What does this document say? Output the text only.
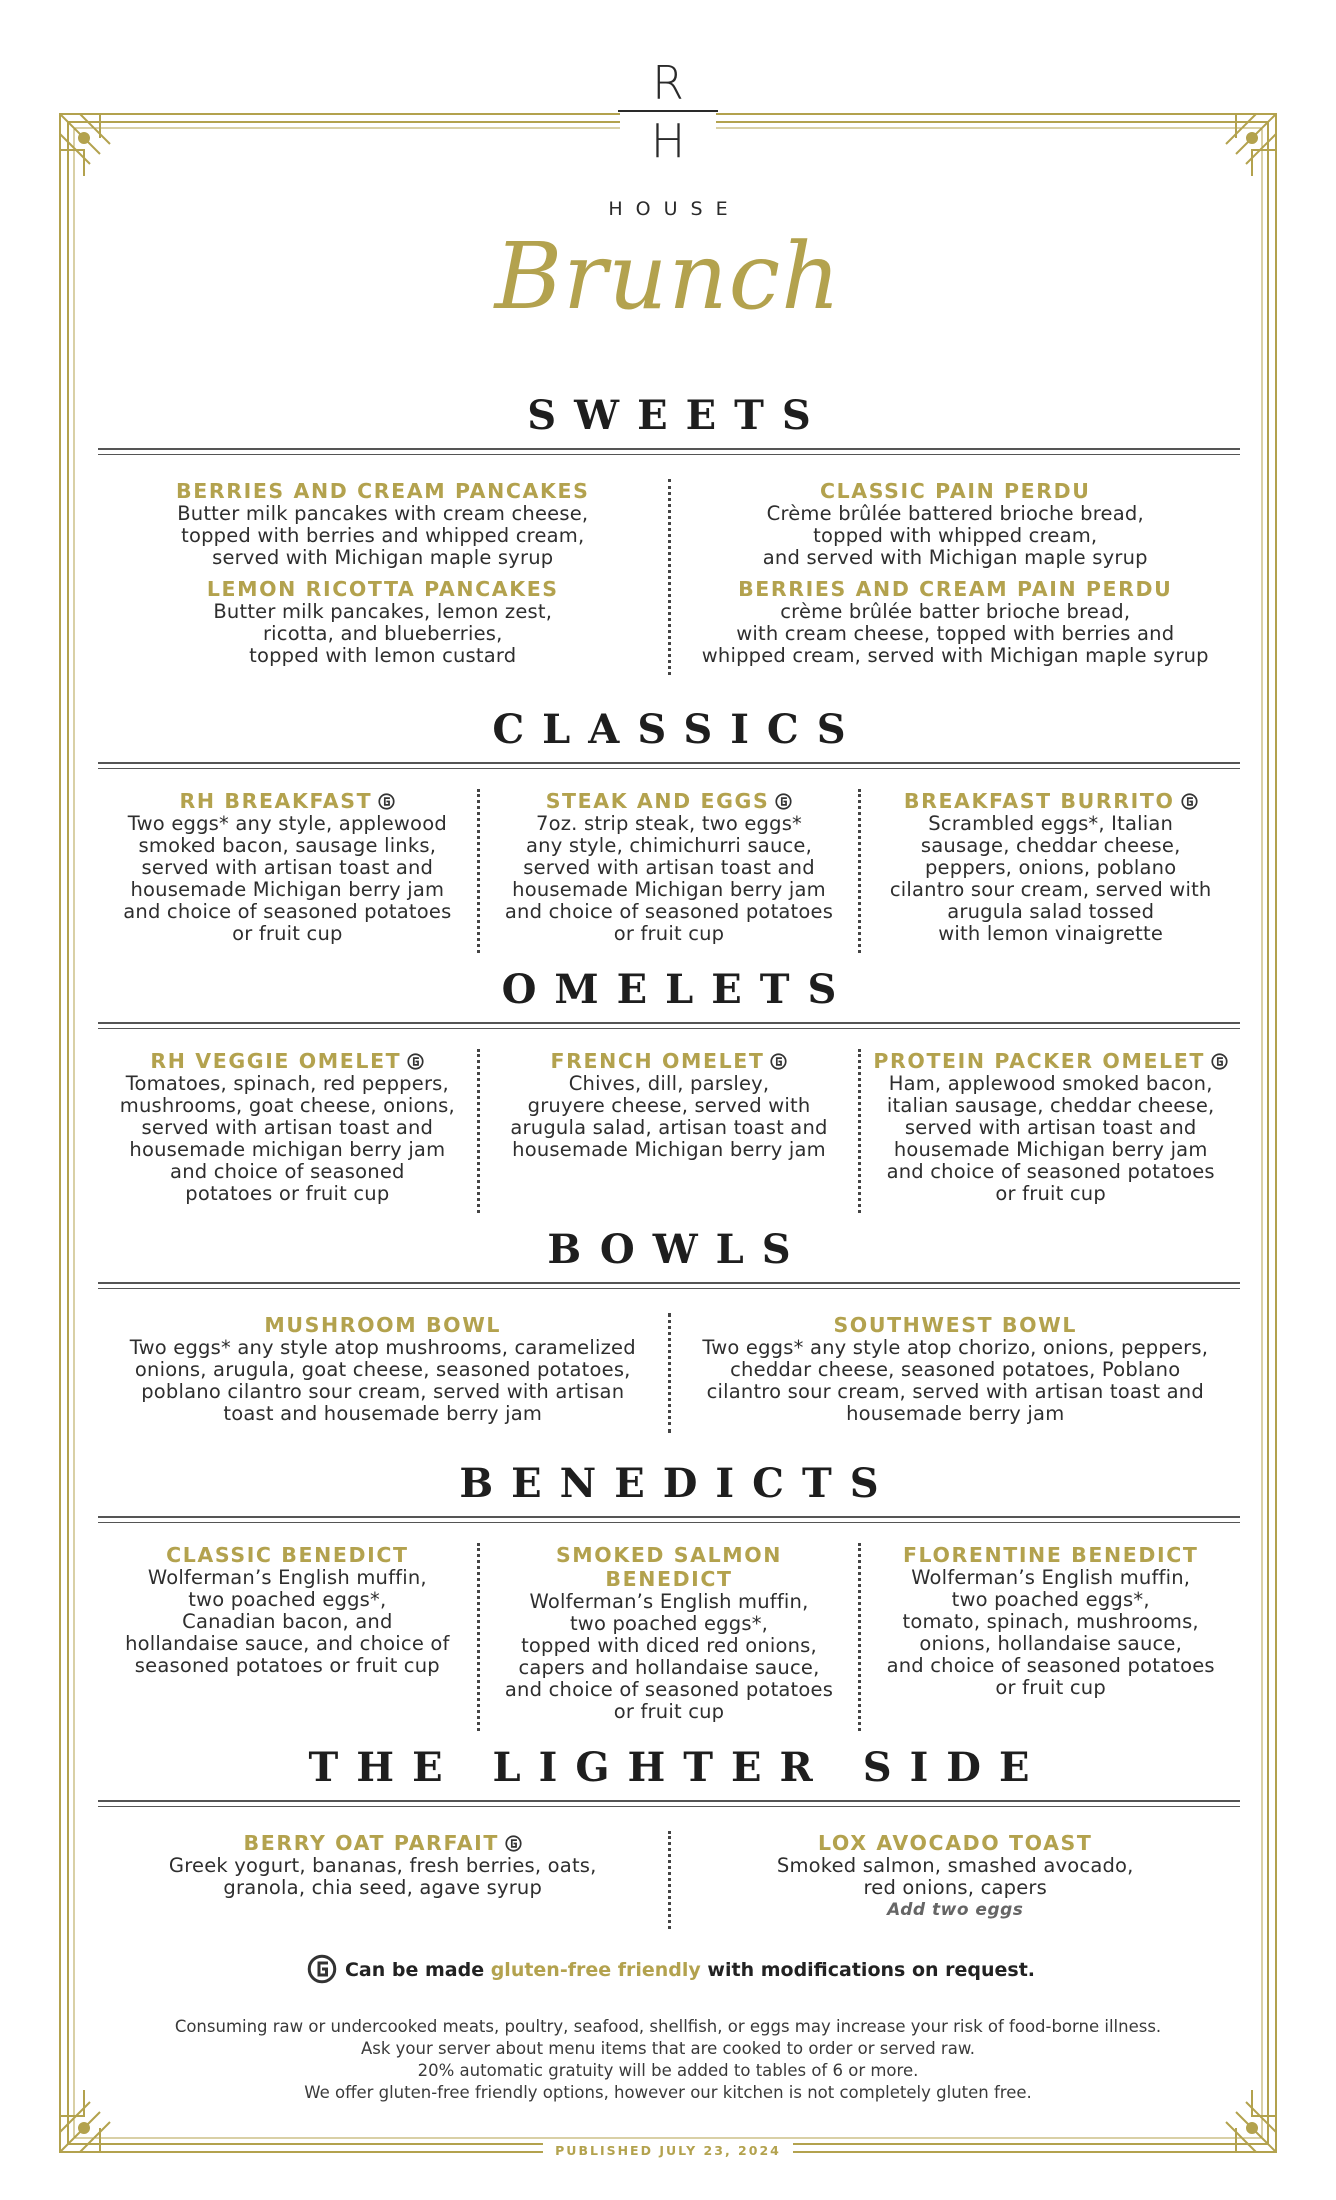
R
H
HOUSE
Brunch
SWEETS
BERRIES AND CREAM PANCAKES
Butter milk pancakes with cream cheese,
topped with berries and whipped cream,
served with Michigan maple syrup
LEMON RICOTTA PANCAKES
Butter milk pancakes, lemon zest,
ricotta, and blueberries,
topped with lemon custard
CLASSIC PAIN PERDU
Crème brûlée battered brioche bread,
topped with whipped cream,
and served with Michigan maple syrup
BERRIES AND CREAM PAIN PERDU
crème brûlée batter brioche bread,
with cream cheese, topped with berries and
whipped cream, served with Michigan maple syrup
CLASSICS
RH BREAKFAST
Two eggs* any style, applewood
smoked bacon, sausage links,
served with artisan toast and
housemade Michigan berry jam
and choice of seasoned potatoes
or fruit cup
STEAK AND EGGS
7oz. strip steak, two eggs*
any style, chimichurri sauce,
served with artisan toast and
housemade Michigan berry jam
and choice of seasoned potatoes
or fruit cup
BREAKFAST BURRITO
Scrambled eggs*, Italian
sausage, cheddar cheese,
peppers, onions, poblano
cilantro sour cream, served with
arugula salad tossed
with lemon vinaigrette
OMELETS
RH VEGGIE OMELET
Tomatoes, spinach, red peppers,
mushrooms, goat cheese, onions,
served with artisan toast and
housemade michigan berry jam
and choice of seasoned
potatoes or fruit cup
FRENCH OMELET
Chives, dill, parsley,
gruyere cheese, served with
arugula salad, artisan toast and
housemade Michigan berry jam
PROTEIN PACKER OMELET
Ham, applewood smoked bacon,
italian sausage, cheddar cheese,
served with artisan toast and
housemade Michigan berry jam
and choice of seasoned potatoes
or fruit cup
BOWLS
MUSHROOM BOWL
Two eggs* any style atop mushrooms, caramelized
onions, arugula, goat cheese, seasoned potatoes,
poblano cilantro sour cream, served with artisan
toast and housemade berry jam
SOUTHWEST BOWL
Two eggs* any style atop chorizo, onions, peppers,
cheddar cheese, seasoned potatoes, Poblano
cilantro sour cream, served with artisan toast and
housemade berry jam
BENEDICTS
CLASSIC BENEDICT
Wolferman’s English muffin,
two poached eggs*,
Canadian bacon, and
hollandaise sauce, and choice of
seasoned potatoes or fruit cup
SMOKED SALMON
BENEDICT
Wolferman’s English muffin,
two poached eggs*,
topped with diced red onions,
capers and hollandaise sauce,
and choice of seasoned potatoes
or fruit cup
FLORENTINE BENEDICT
Wolferman’s English muffin,
two poached eggs*,
tomato, spinach, mushrooms,
onions, hollandaise sauce,
and choice of seasoned potatoes
or fruit cup
THE LIGHTER SIDE
BERRY OAT PARFAIT
Greek yogurt, bananas, fresh berries, oats,
granola, chia seed, agave syrup
LOX AVOCADO TOAST
Smoked salmon, smashed avocado,
red onions, capers
Add two eggs
Can be made gluten-free friendly with modifications on request.
Consuming raw or undercooked meats, poultry, seafood, shellfish, or eggs may increase your risk of food-borne illness.
Ask your server about menu items that are cooked to order or served raw.
20% automatic gratuity will be added to tables of 6 or more.
We offer gluten-free friendly options, however our kitchen is not completely gluten free.
PUBLISHED JULY 23, 2024
